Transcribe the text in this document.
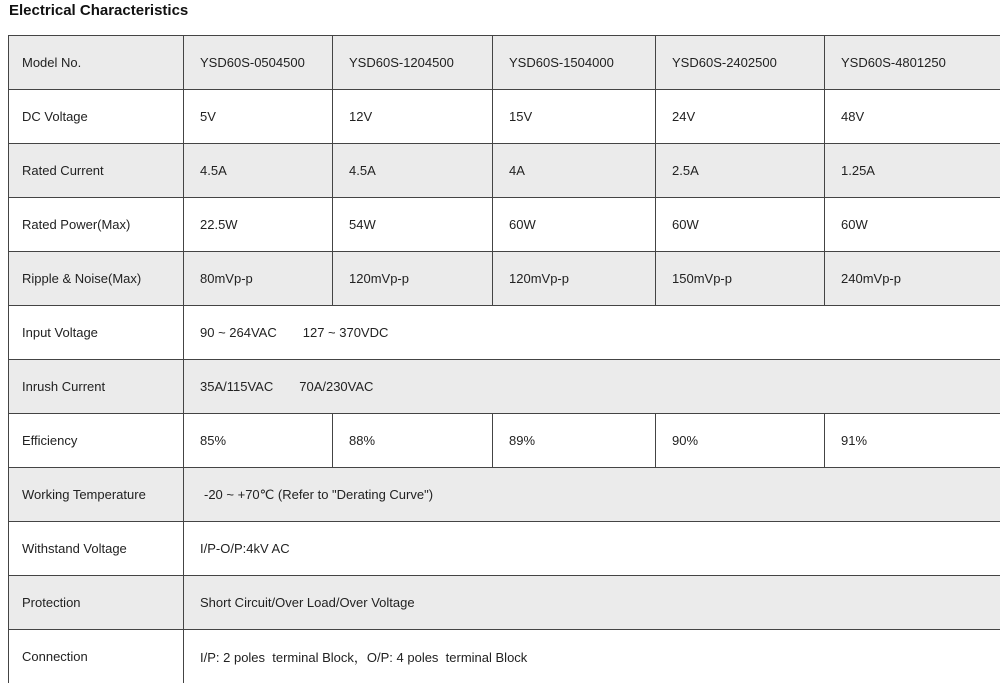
Electrical Characteristics
Model No.	YSD60S-0504500	YSD60S-1204500	YSD60S-1504000	YSD60S-2402500	YSD60S-4801250
DC Voltage	5V	12V	15V	24V	48V
Rated Current	4.5A	4.5A	4A	2.5A	1.25A
Rated Power(Max)	22.5W	54W	60W	60W	60W
Ripple & Noise(Max)	80mVp-p	120mVp-p	120mVp-p	150mVp-p	240mVp-p
Input Voltage	90 ~ 264VAC 127 ~ 370VDC				
Inrush Current	35A/115VAC 70A/230VAC				
Efficiency	85%	88%	89%	90%	91%
Working Temperature	-20 ~ +70℃ (Refer to "Derating Curve")				
Withstand Voltage	I/P-O/P:4kV AC				
Protection	Short Circuit/Over Load/Over Voltage				
Connection	I/P: 2 poles  terminal Block，O/P: 4 poles  terminal Block				
